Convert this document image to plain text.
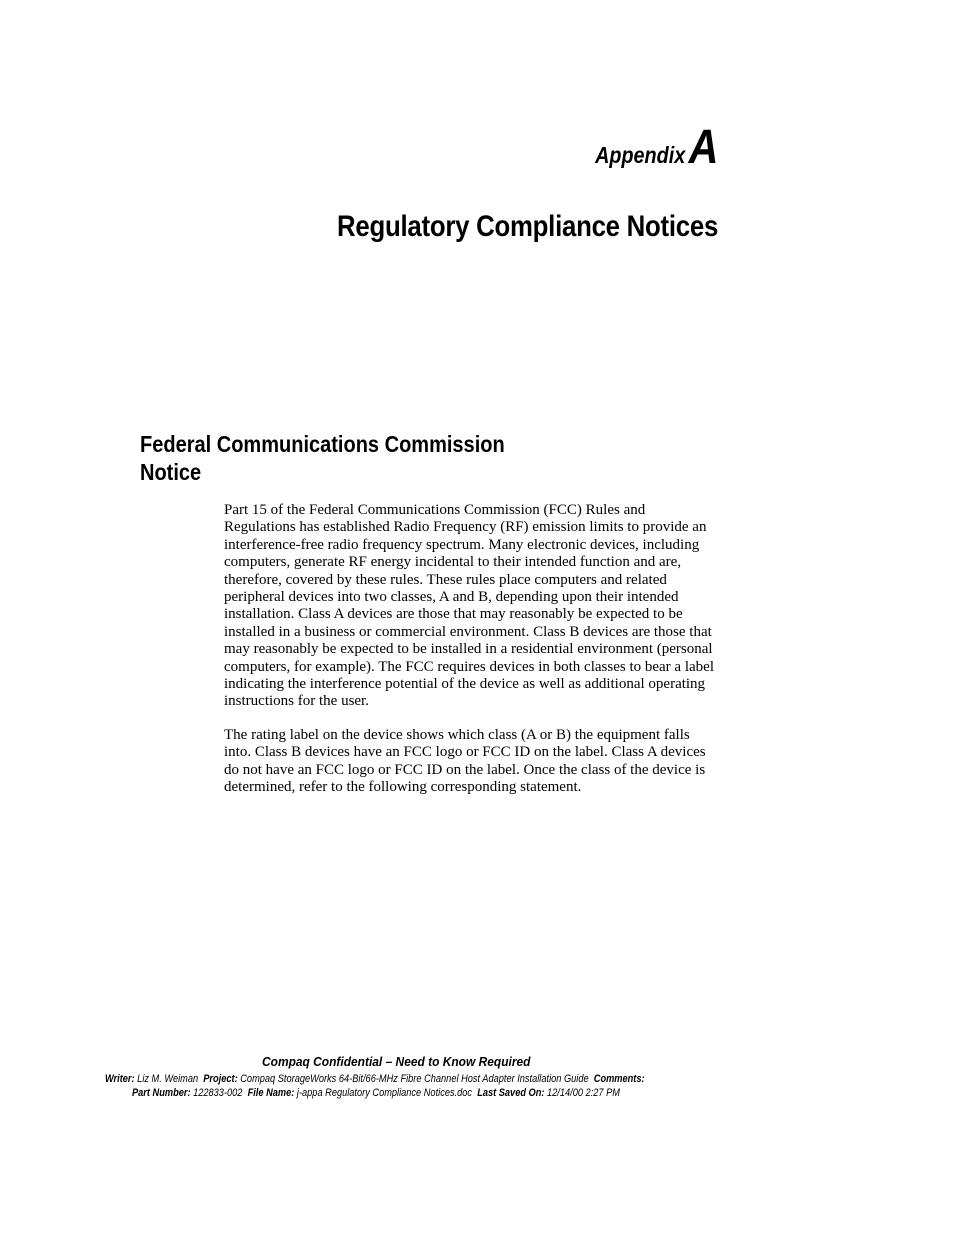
AppendixA
Regulatory Compliance Notices
Federal Communications Commission
Notice

Part 15 of the Federal Communications Commission (FCC) Rules and Regulations has established Radio Frequency (RF) emission limits to provide an interference-free radio frequency spectrum. Many electronic devices, including computers, generate RF energy incidental to their intended function and are, therefore, covered by these rules. These rules place computers and related peripheral devices into two classes, A and B, depending upon their intended installation. Class A devices are those that may reasonably be expected to be installed in a business or commercial environment. Class B devices are those that may reasonably be expected to be installed in a residential environment (personal computers, for example). The FCC requires devices in both classes to bear a label indicating the interference potential of the device as well as additional operating instructions for the user.

The rating label on the device shows which class (A or B) the equipment falls into. Class B devices have an FCC logo or FCC ID on the label. Class A devices do not have an FCC logo or FCC ID on the label. Once the class of the device is determined, refer to the following corresponding statement.

Compaq Confidential – Need to Know Required
Writer: Liz M. Weiman Project: Compaq StorageWorks 64-Bit/66-MHz Fibre Channel Host Adapter Installation Guide Comments:
Part Number: 122833-002 File Name: j-appa Regulatory Compliance Notices.doc Last Saved On: 12/14/00 2:27 PM
